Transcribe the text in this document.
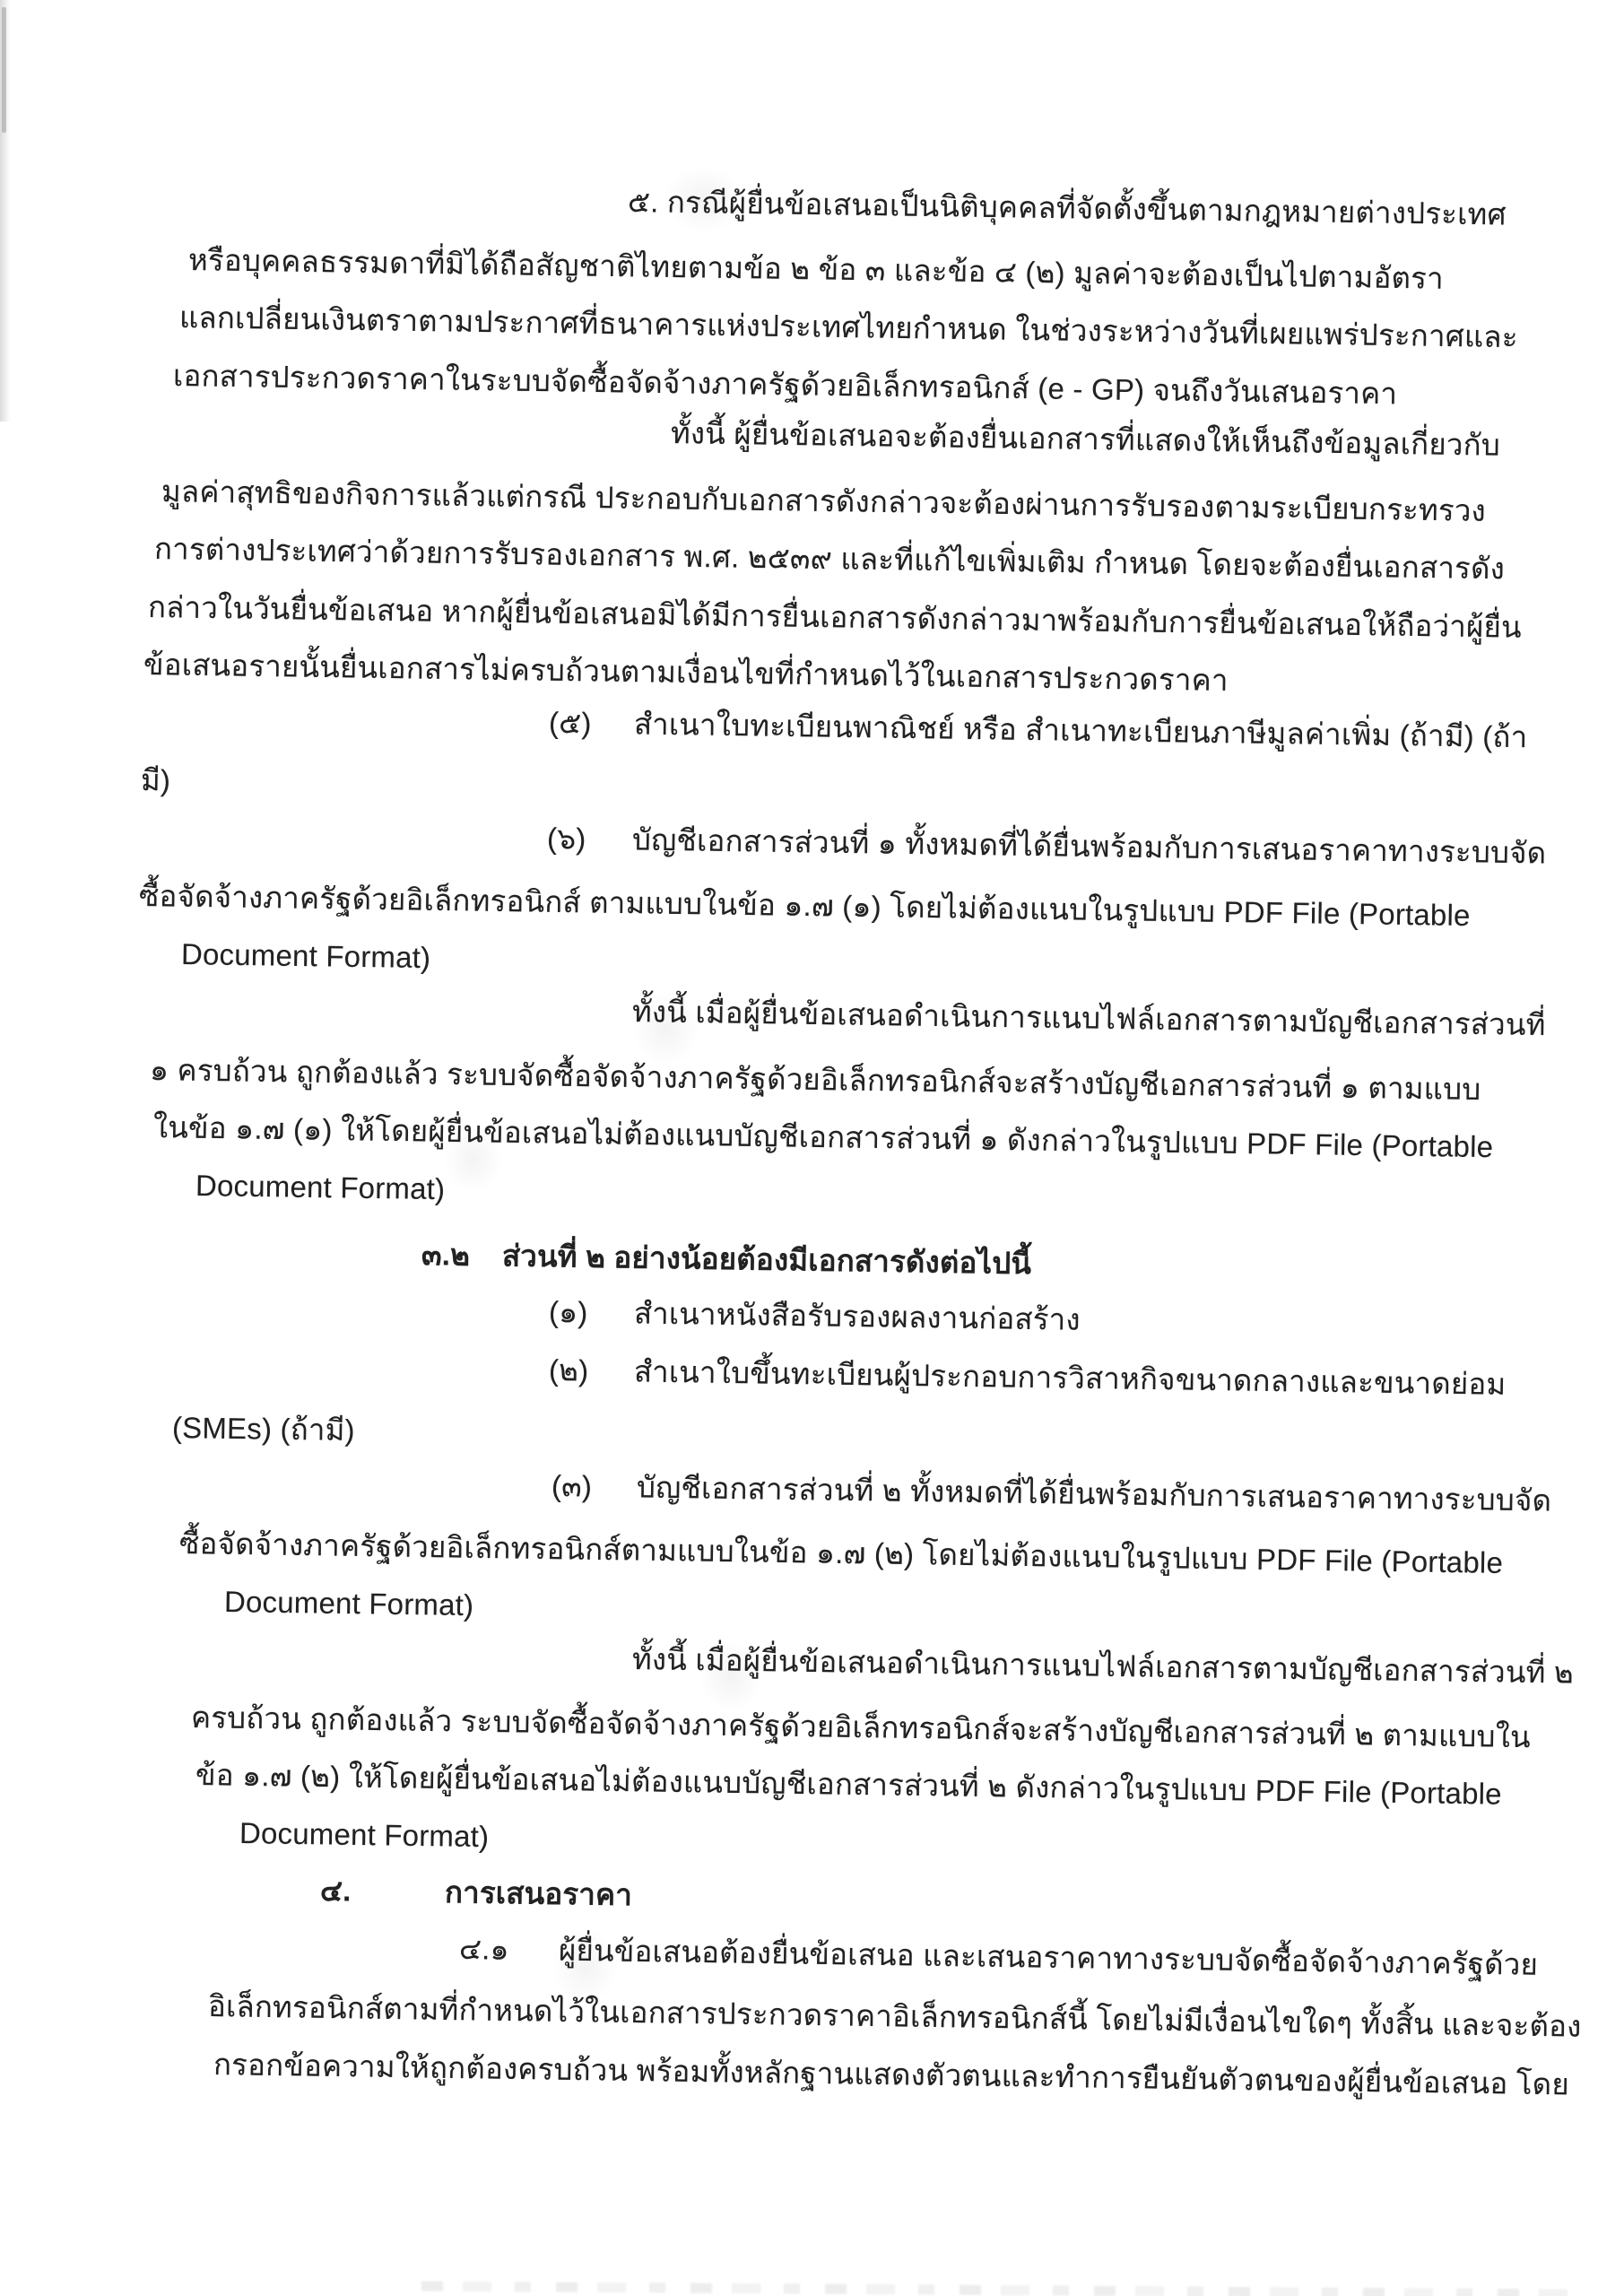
๕. กรณีผู้ยื่นข้อเสนอเป็นนิติบุคคลที่จัดตั้งขึ้นตามกฎหมายต่างประเทศ
หรือบุคคลธรรมดาที่มิได้ถือสัญชาติไทยตามข้อ ๒ ข้อ ๓ และข้อ ๔ (๒) มูลค่าจะต้องเป็นไปตามอัตรา
แลกเปลี่ยนเงินตราตามประกาศที่ธนาคารแห่งประเทศไทยกำหนด ในช่วงระหว่างวันที่เผยแพร่ประกาศและ
เอกสารประกวดราคาในระบบจัดซื้อจัดจ้างภาครัฐด้วยอิเล็กทรอนิกส์ (e - GP) จนถึงวันเสนอราคา
ทั้งนี้ ผู้ยื่นข้อเสนอจะต้องยื่นเอกสารที่แสดงให้เห็นถึงข้อมูลเกี่ยวกับ
มูลค่าสุทธิของกิจการแล้วแต่กรณี ประกอบกับเอกสารดังกล่าวจะต้องผ่านการรับรองตามระเบียบกระทรวง
การต่างประเทศว่าด้วยการรับรองเอกสาร พ.ศ. ๒๕๓๙ และที่แก้ไขเพิ่มเติม กำหนด โดยจะต้องยื่นเอกสารดัง
กล่าวในวันยื่นข้อเสนอ หากผู้ยื่นข้อเสนอมิได้มีการยื่นเอกสารดังกล่าวมาพร้อมกับการยื่นข้อเสนอให้ถือว่าผู้ยื่น
ข้อเสนอรายนั้นยื่นเอกสารไม่ครบถ้วนตามเงื่อนไขที่กำหนดไว้ในเอกสารประกวดราคา
(๕) สำเนาใบทะเบียนพาณิชย์ หรือ สำเนาทะเบียนภาษีมูลค่าเพิ่ม (ถ้ามี) (ถ้า
มี)
(๖) บัญชีเอกสารส่วนที่ ๑ ทั้งหมดที่ได้ยื่นพร้อมกับการเสนอราคาทางระบบจัด
ซื้อจัดจ้างภาครัฐด้วยอิเล็กทรอนิกส์ ตามแบบในข้อ ๑.๗ (๑) โดยไม่ต้องแนบในรูปแบบ PDF File (Portable
Document Format)
ทั้งนี้ เมื่อผู้ยื่นข้อเสนอดำเนินการแนบไฟล์เอกสารตามบัญชีเอกสารส่วนที่
๑ ครบถ้วน ถูกต้องแล้ว ระบบจัดซื้อจัดจ้างภาครัฐด้วยอิเล็กทรอนิกส์จะสร้างบัญชีเอกสารส่วนที่ ๑ ตามแบบ
ในข้อ ๑.๗ (๑) ให้โดยผู้ยื่นข้อเสนอไม่ต้องแนบบัญชีเอกสารส่วนที่ ๑ ดังกล่าวในรูปแบบ PDF File (Portable
Document Format)
๓.๒ ส่วนที่ ๒ อย่างน้อยต้องมีเอกสารดังต่อไปนี้
(๑) สำเนาหนังสือรับรองผลงานก่อสร้าง
(๒) สำเนาใบขึ้นทะเบียนผู้ประกอบการวิสาหกิจขนาดกลางและขนาดย่อม
(SMEs) (ถ้ามี)
(๓) บัญชีเอกสารส่วนที่ ๒ ทั้งหมดที่ได้ยื่นพร้อมกับการเสนอราคาทางระบบจัด
ซื้อจัดจ้างภาครัฐด้วยอิเล็กทรอนิกส์ตามแบบในข้อ ๑.๗ (๒) โดยไม่ต้องแนบในรูปแบบ PDF File (Portable
Document Format)
ทั้งนี้ เมื่อผู้ยื่นข้อเสนอดำเนินการแนบไฟล์เอกสารตามบัญชีเอกสารส่วนที่ ๒
ครบถ้วน ถูกต้องแล้ว ระบบจัดซื้อจัดจ้างภาครัฐด้วยอิเล็กทรอนิกส์จะสร้างบัญชีเอกสารส่วนที่ ๒ ตามแบบใน
ข้อ ๑.๗ (๒) ให้โดยผู้ยื่นข้อเสนอไม่ต้องแนบบัญชีเอกสารส่วนที่ ๒ ดังกล่าวในรูปแบบ PDF File (Portable
Document Format)
๔.	การเสนอราคา
๔.๑ ผู้ยื่นข้อเสนอต้องยื่นข้อเสนอ และเสนอราคาทางระบบจัดซื้อจัดจ้างภาครัฐด้วย
อิเล็กทรอนิกส์ตามที่กำหนดไว้ในเอกสารประกวดราคาอิเล็กทรอนิกส์นี้ โดยไม่มีเงื่อนไขใดๆ ทั้งสิ้น และจะต้อง
กรอกข้อความให้ถูกต้องครบถ้วน พร้อมทั้งหลักฐานแสดงตัวตนและทำการยืนยันตัวตนของผู้ยื่นข้อเสนอ โดย
